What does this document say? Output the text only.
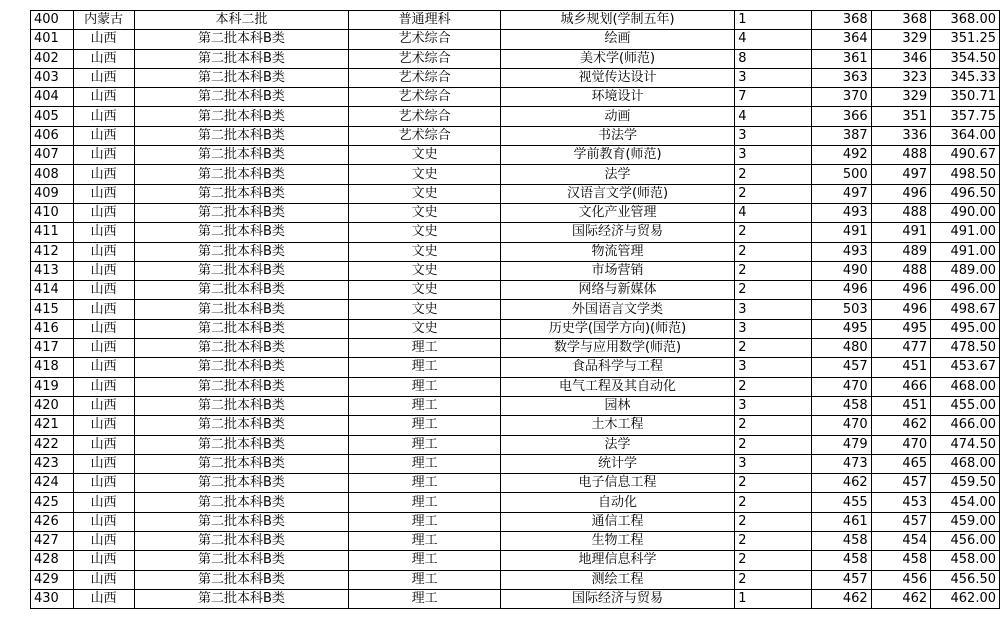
400	内蒙古	本科二批	普通理科	城乡规划(学制五年)	1	368	368	368.00
401	山西	第二批本科B类	艺术综合	绘画	4	364	329	351.25
402	山西	第二批本科B类	艺术综合	美术学(师范)	8	361	346	354.50
403	山西	第二批本科B类	艺术综合	视觉传达设计	3	363	323	345.33
404	山西	第二批本科B类	艺术综合	环境设计	7	370	329	350.71
405	山西	第二批本科B类	艺术综合	动画	4	366	351	357.75
406	山西	第二批本科B类	艺术综合	书法学	3	387	336	364.00
407	山西	第二批本科B类	文史	学前教育(师范)	3	492	488	490.67
408	山西	第二批本科B类	文史	法学	2	500	497	498.50
409	山西	第二批本科B类	文史	汉语言文学(师范)	2	497	496	496.50
410	山西	第二批本科B类	文史	文化产业管理	4	493	488	490.00
411	山西	第二批本科B类	文史	国际经济与贸易	2	491	491	491.00
412	山西	第二批本科B类	文史	物流管理	2	493	489	491.00
413	山西	第二批本科B类	文史	市场营销	2	490	488	489.00
414	山西	第二批本科B类	文史	网络与新媒体	2	496	496	496.00
415	山西	第二批本科B类	文史	外国语言文学类	3	503	496	498.67
416	山西	第二批本科B类	文史	历史学(国学方向)(师范)	3	495	495	495.00
417	山西	第二批本科B类	理工	数学与应用数学(师范)	2	480	477	478.50
418	山西	第二批本科B类	理工	食品科学与工程	3	457	451	453.67
419	山西	第二批本科B类	理工	电气工程及其自动化	2	470	466	468.00
420	山西	第二批本科B类	理工	园林	3	458	451	455.00
421	山西	第二批本科B类	理工	土木工程	2	470	462	466.00
422	山西	第二批本科B类	理工	法学	2	479	470	474.50
423	山西	第二批本科B类	理工	统计学	3	473	465	468.00
424	山西	第二批本科B类	理工	电子信息工程	2	462	457	459.50
425	山西	第二批本科B类	理工	自动化	2	455	453	454.00
426	山西	第二批本科B类	理工	通信工程	2	461	457	459.00
427	山西	第二批本科B类	理工	生物工程	2	458	454	456.00
428	山西	第二批本科B类	理工	地理信息科学	2	458	458	458.00
429	山西	第二批本科B类	理工	测绘工程	2	457	456	456.50
430	山西	第二批本科B类	理工	国际经济与贸易	1	462	462	462.00
